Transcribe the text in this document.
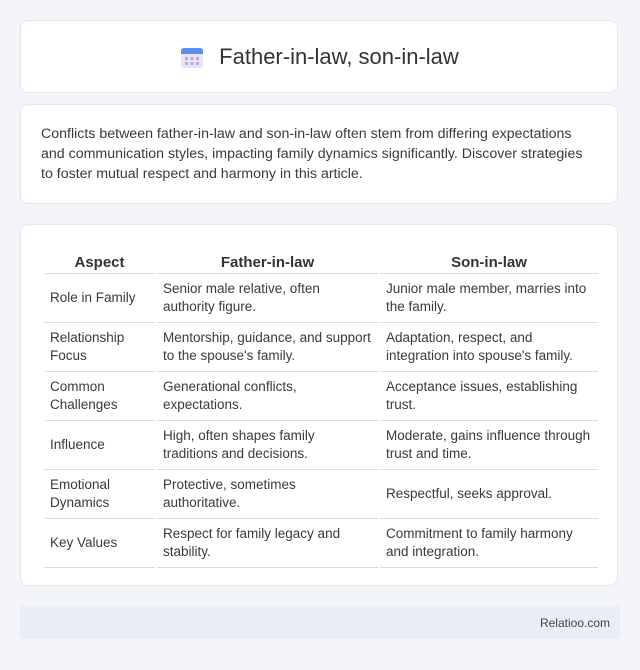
Father-in-law, son-in-law

Conflicts between father-in-law and son-in-law often stem from differing expectations and communication styles, impacting family dynamics significantly. Discover strategies to foster mutual respect and harmony in this article.

Aspect	Father-in-law	Son-in-law
Role in Family	Senior male relative, often authority figure.	Junior male member, marries into the family.
Relationship Focus	Mentorship, guidance, and support to the spouse's family.	Adaptation, respect, and integration into spouse's family.
Common Challenges	Generational conflicts, expectations.	Acceptance issues, establishing trust.
Influence	High, often shapes family traditions and decisions.	Moderate, gains influence through trust and time.
Emotional Dynamics	Protective, sometimes authoritative.	Respectful, seeks approval.
Key Values	Respect for family legacy and stability.	Commitment to family harmony and integration.
Relatioo.com
